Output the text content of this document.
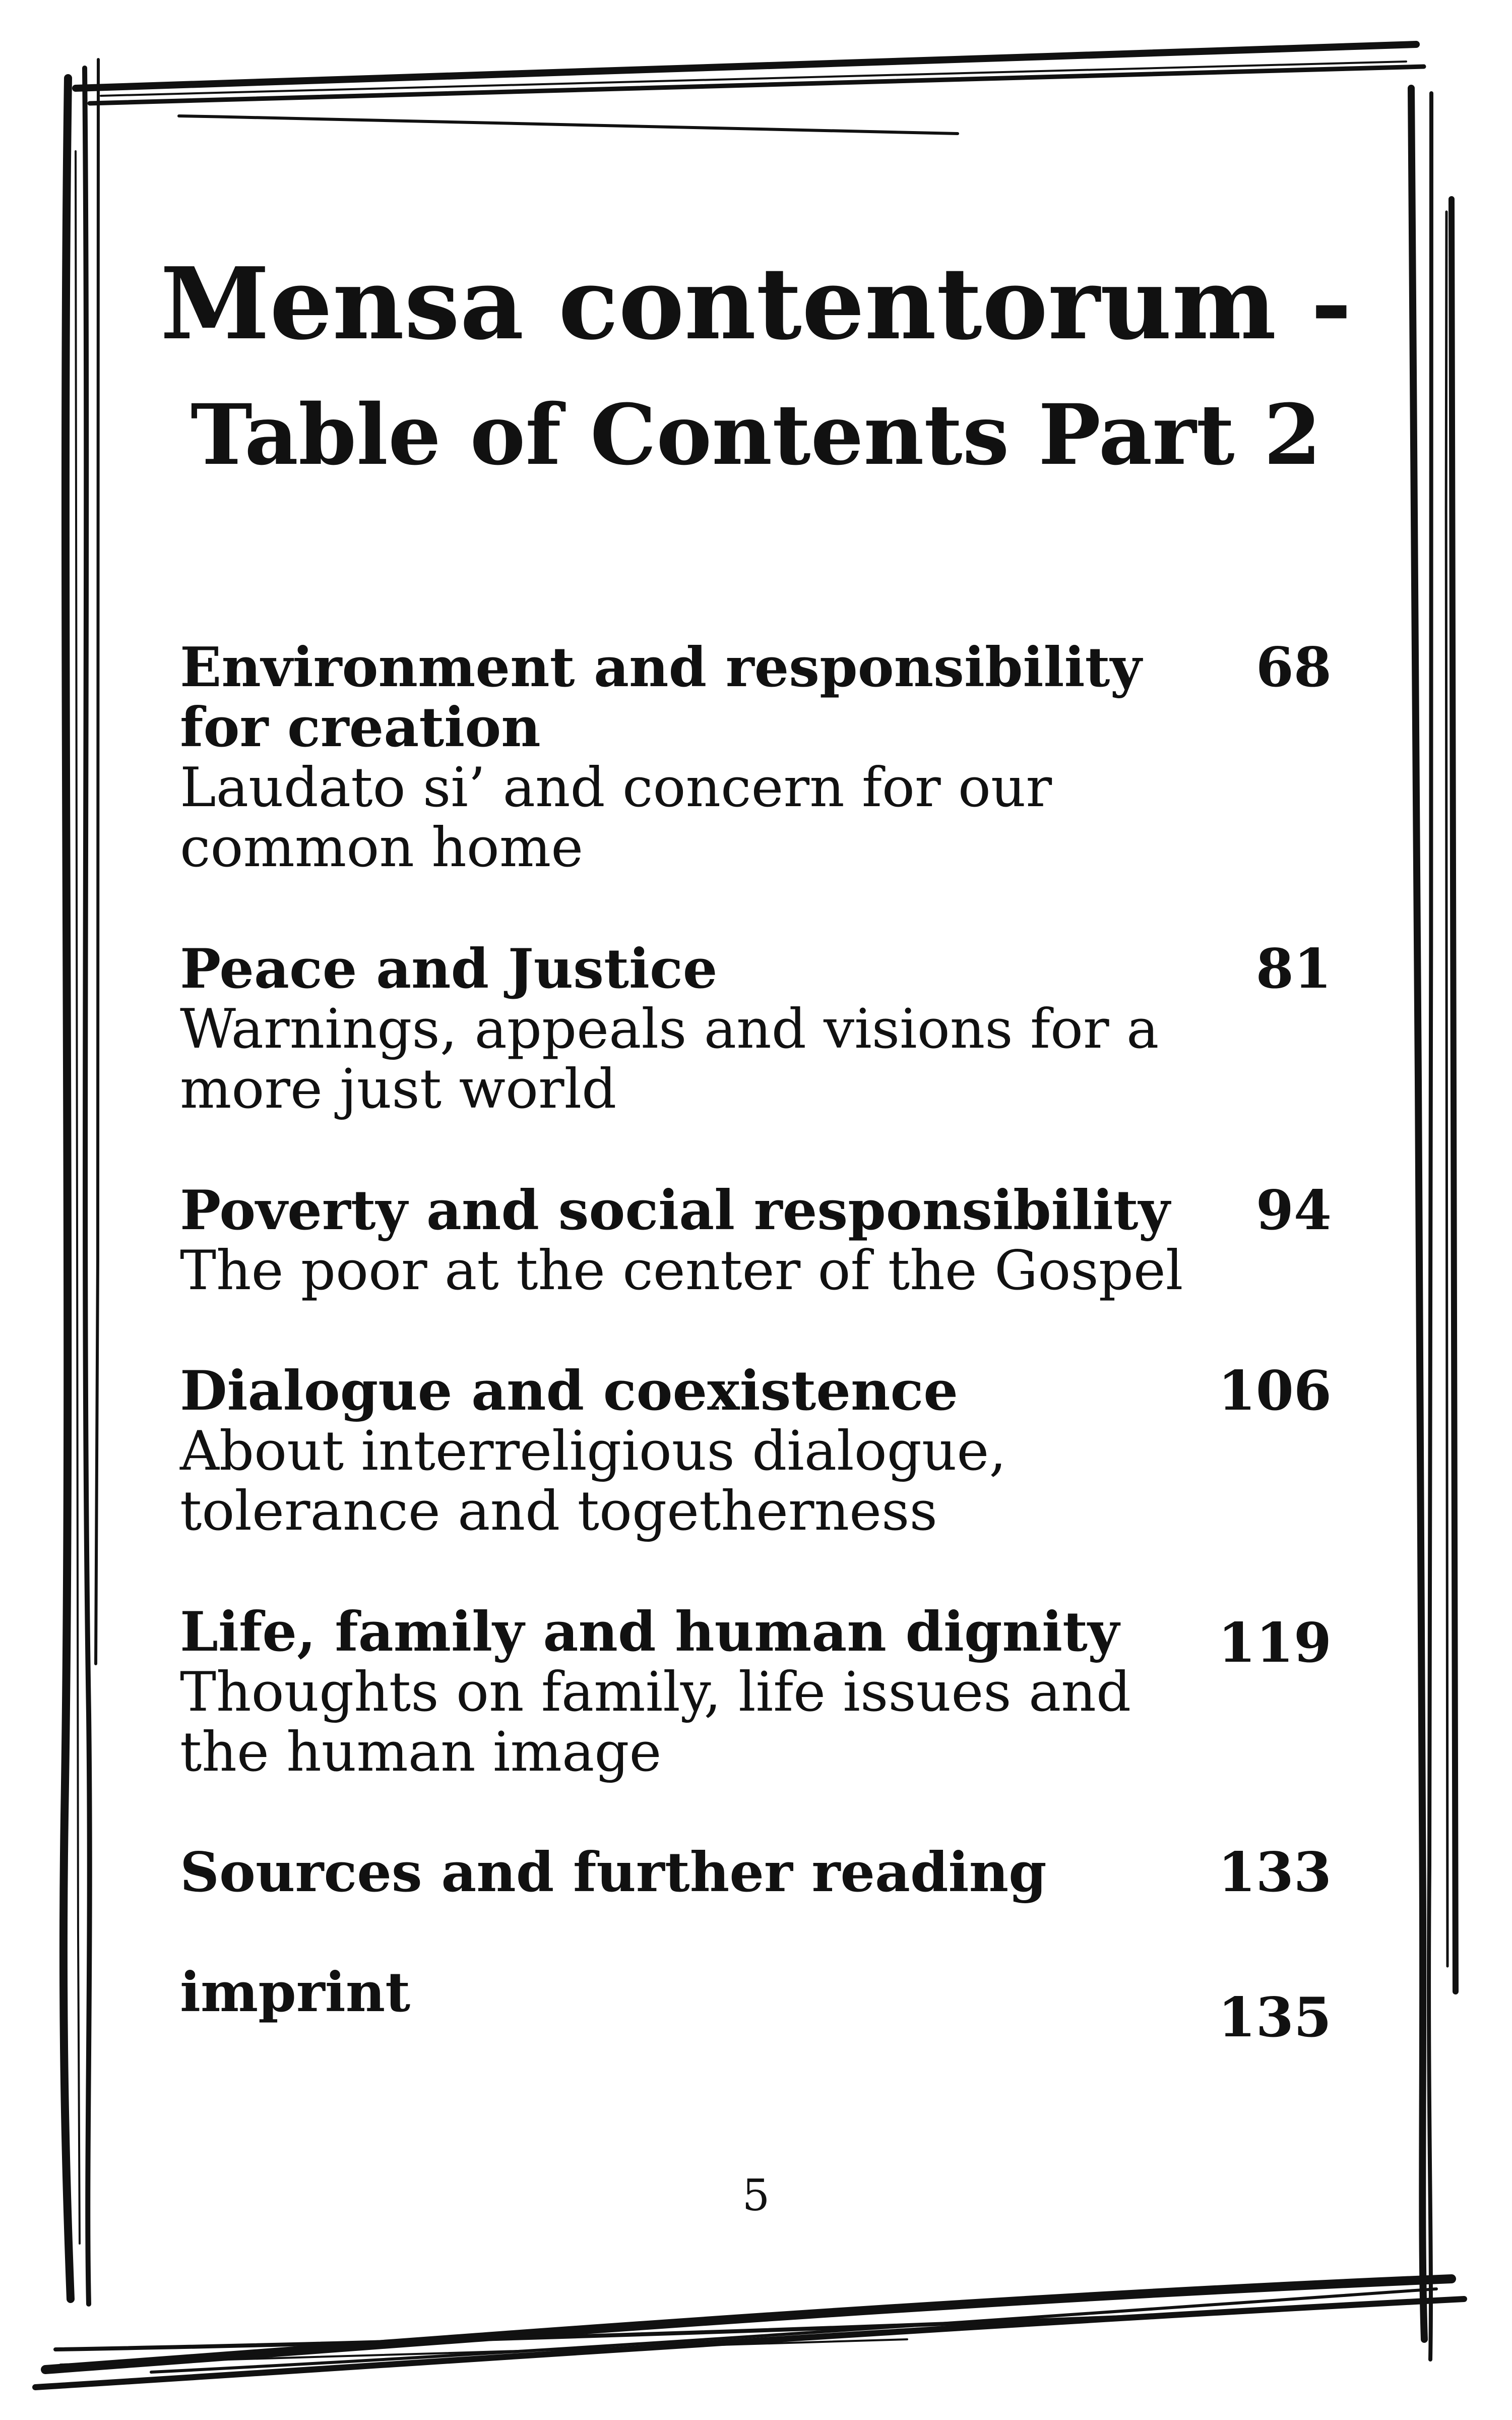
Mensa contentorum -
Table of Contents Part 2
Environment and responsibility for creation
Laudato si’ and concern for our common home
68
Peace and Justice
Warnings, appeals and visions for a more just world
81
Poverty and social responsibility
The poor at the center of the Gospel
94
Dialogue and coexistence
About interreligious dialogue, tolerance and togetherness
106
Life, family and human dignity
Thoughts on family, life issues and the human image
119
Sources and further reading	133
imprint	135
5
